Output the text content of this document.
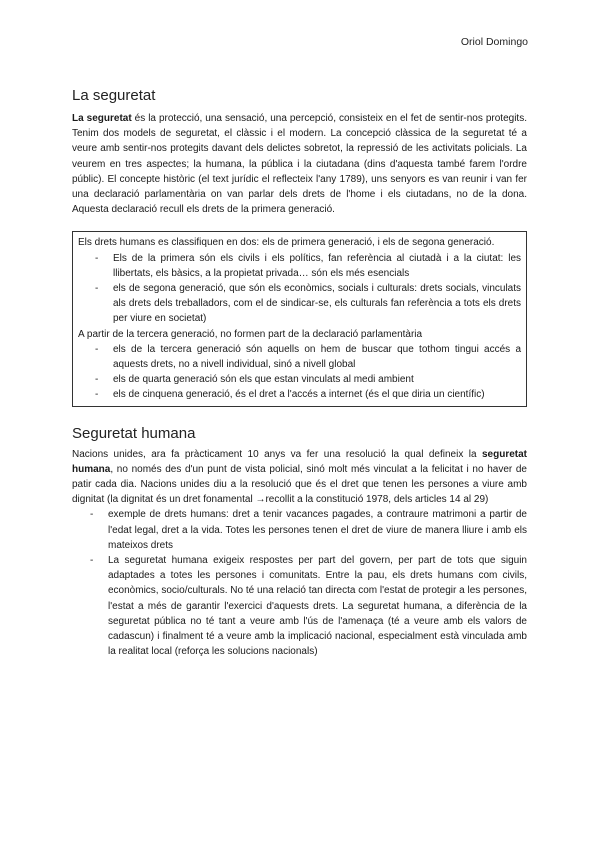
Oriol Domingo
La seguretat

La seguretat és la protecció, una sensació, una percepció, consisteix en el fet de sentir-nos protegits. Tenim dos models de seguretat, el clàssic i el modern. La concepció clàssica de la seguretat té a veure amb sentir-nos protegits davant dels delictes sobretot, la repressió de les activitats policials. La veurem en tres aspectes; la humana, la pública i la ciutadana (dins d'aquesta també farem l'ordre públic). El concepte històric (el text jurídic el reflecteix l'any 1789), uns senyors es van reunir i van fer una declaració parlamentària on van parlar dels drets de l'home i els ciutadans, no de la dona. Aquesta declaració recull els drets de la primera generació.

Els drets humans es classifiquen en dos: els de primera generació, i els de segona generació.

- Els de la primera són els civils i els polítics, fan referència al ciutadà i a la ciutat: les llibertats, els bàsics, a la propietat privada… són els més esencials
- els de segona generació, que són els econòmics, socials i culturals: drets socials, vinculats als drets dels treballadors, com el de sindicar-se, els culturals fan referència a tots els drets per viure en societat)

A partir de la tercera generació, no formen part de la declaració parlamentària

- els de la tercera generació són aquells on hem de buscar que tothom tingui accés a aquests drets, no a nivell individual, sinó a nivell global
- els de quarta generació són els que estan vinculats al medi ambient
- els de cinquena generació, és el dret a l'accés a internet (és el que diria un científic)
Seguretat humana

Nacions unides, ara fa pràcticament 10 anys va fer una resolució la qual defineix la seguretat humana, no només des d'un punt de vista policial, sinó molt més vinculat a la felicitat i no haver de patir cada dia. Nacions unides diu a la resolució que és el dret que tenen les persones a viure amb dignitat (la dignitat és un dret fonamental →recollit a la constitució 1978, dels articles 14 al 29)

- exemple de drets humans: dret a tenir vacances pagades, a contraure matrimoni a partir de l'edat legal, dret a la vida. Totes les persones tenen el dret de viure de manera lliure i amb els mateixos drets
- La seguretat humana exigeix respostes per part del govern, per part de tots que siguin adaptades a totes les persones i comunitats. Entre la pau, els drets humans com civils, econòmics, socio/culturals. No té una relació tan directa com l'estat de protegir a les persones, l'estat a més de garantir l'exercici d'aquests drets. La seguretat humana, a diferència de la seguretat pública no té tant a veure amb l'ús de l'amenaça (té a veure amb els valors de cadascun) i finalment té a veure amb la implicació nacional, especialment està vinculada amb la realitat local (reforça les solucions nacionals)
